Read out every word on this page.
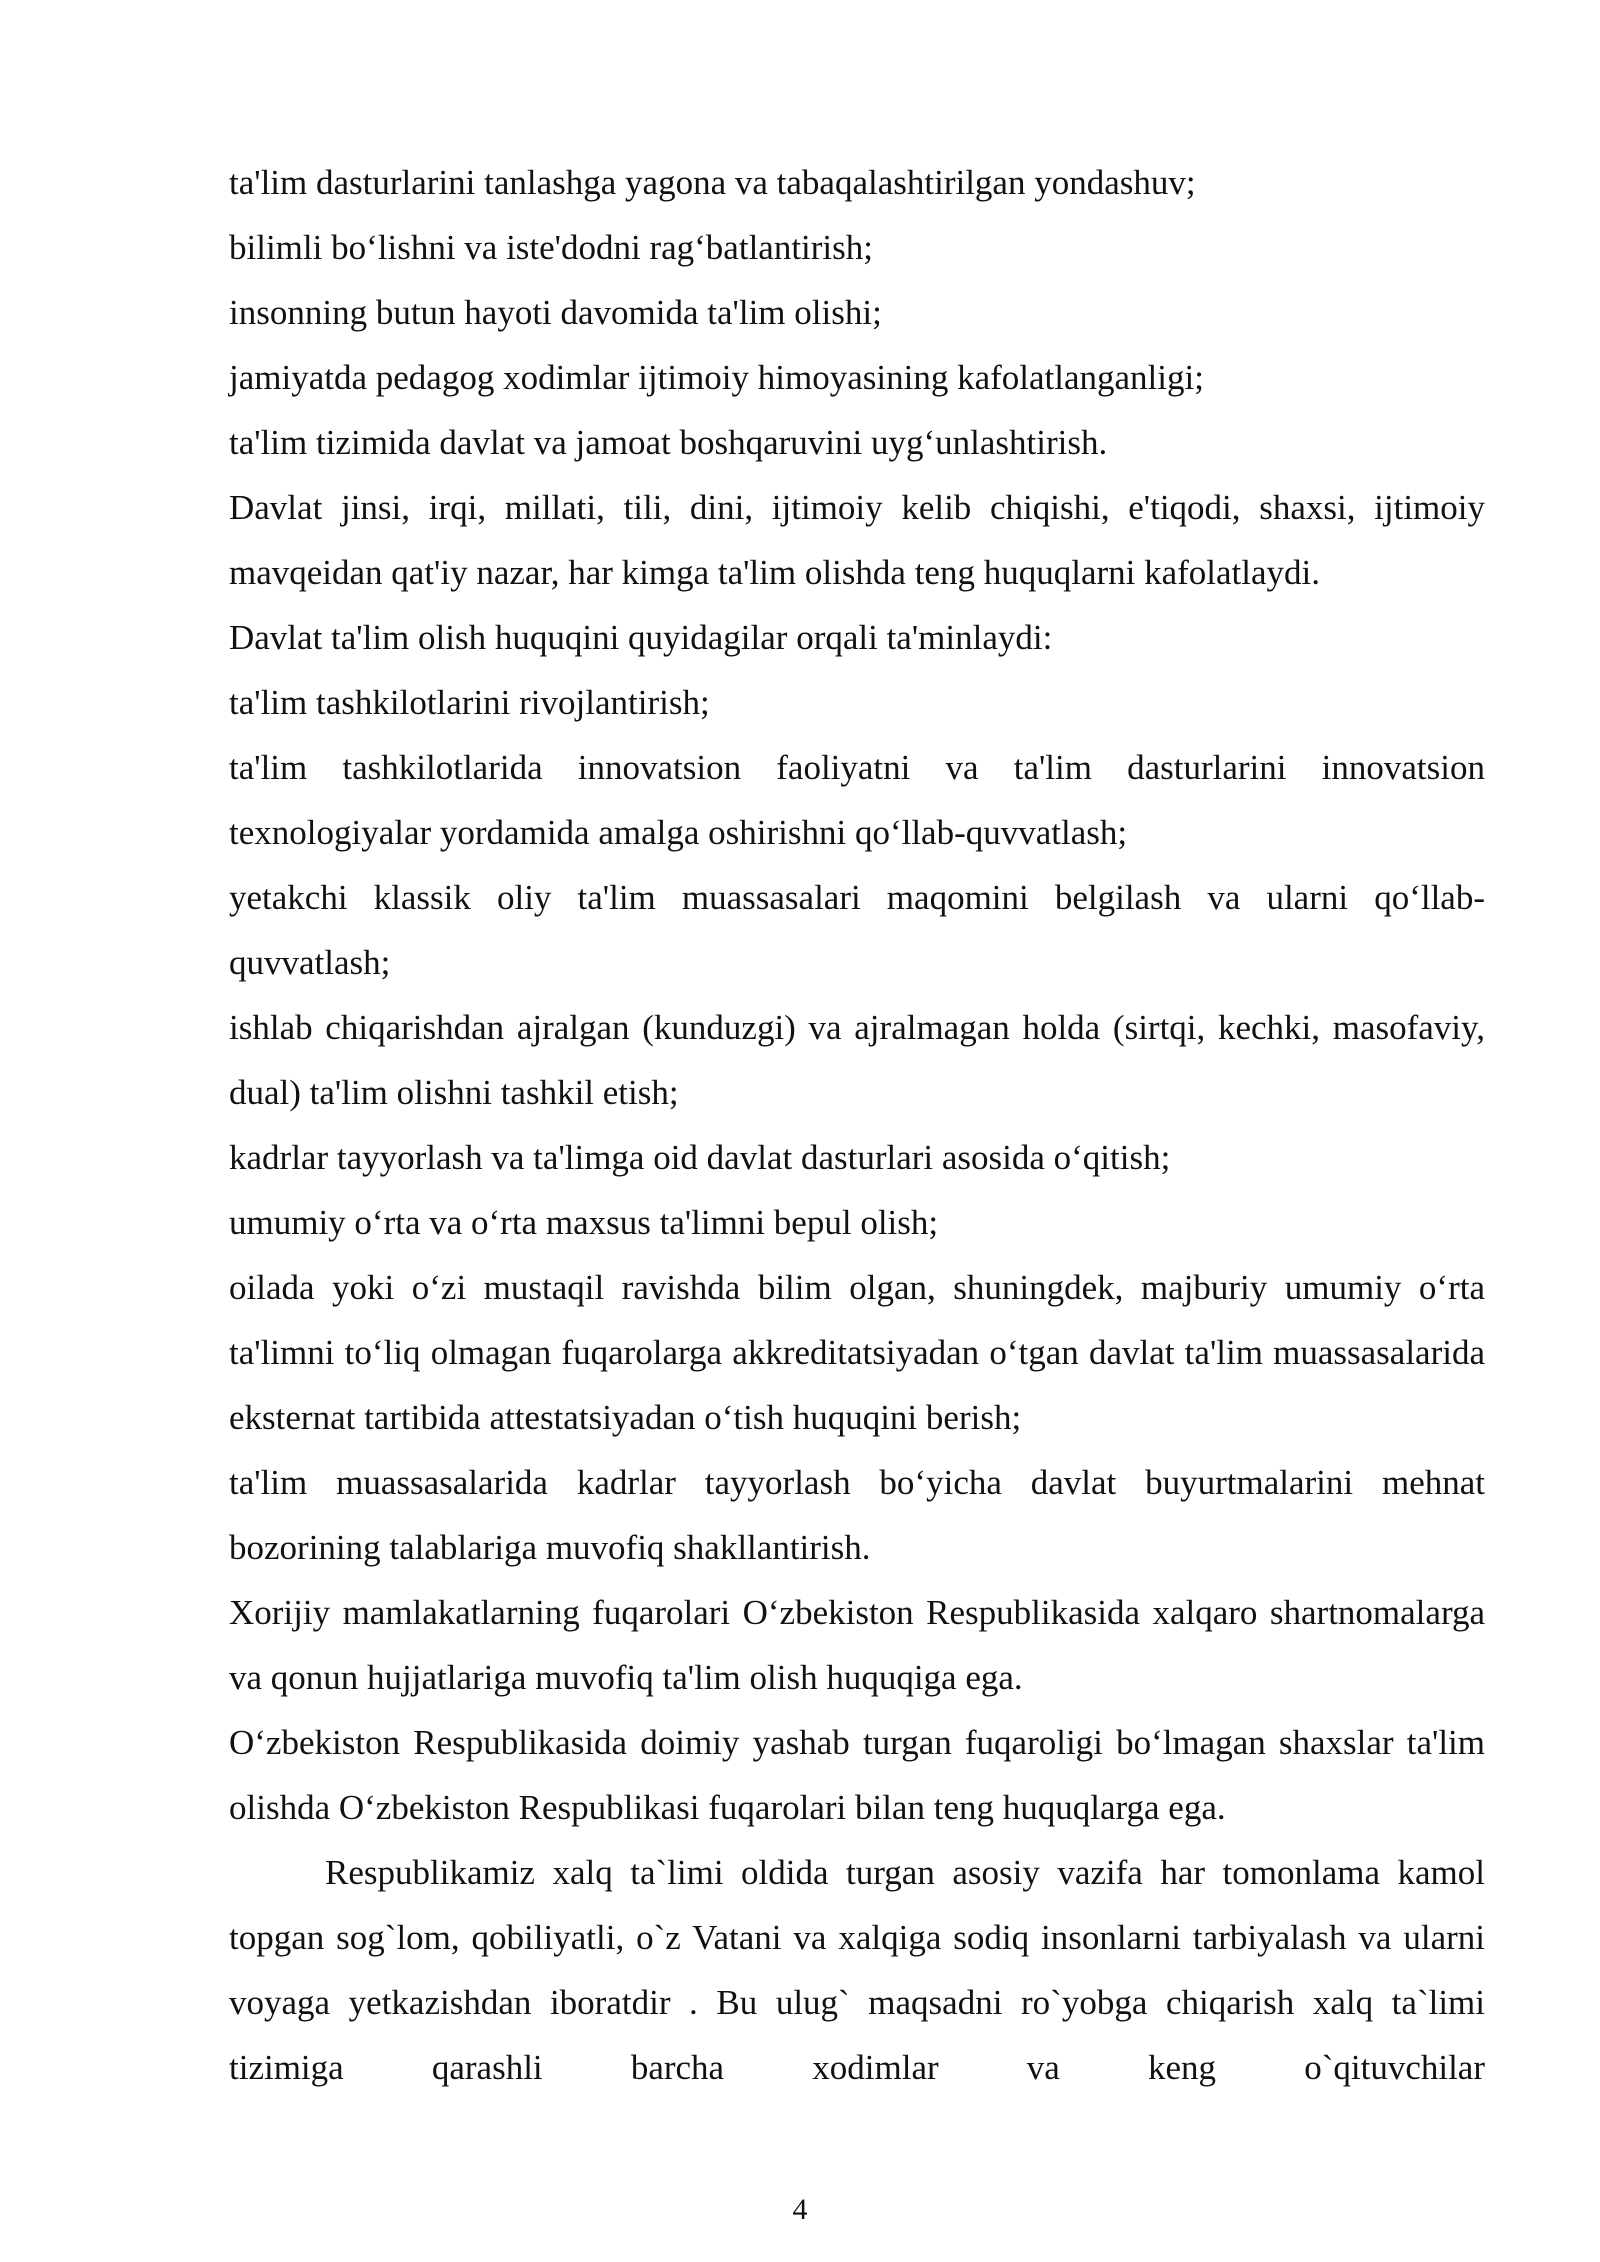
ta'lim dasturlarini tanlashga yagona va tabaqalashtirilgan yondashuv;

bilimli bo‘lishni va iste'dodni rag‘batlantirish;

insonning butun hayoti davomida ta'lim olishi;

jamiyatda pedagog xodimlar ijtimoiy himoyasining kafolatlanganligi;

ta'lim tizimida davlat va jamoat boshqaruvini uyg‘unlashtirish.

Davlat jinsi, irqi, millati, tili, dini, ijtimoiy kelib chiqishi, e'tiqodi, shaxsi, ijtimoiy mavqeidan qat'iy nazar, har kimga ta'lim olishda teng huquqlarni kafolatlaydi.

Davlat ta'lim olish huquqini quyidagilar orqali ta'minlaydi:

ta'lim tashkilotlarini rivojlantirish;

ta'lim tashkilotlarida innovatsion faoliyatni va ta'lim dasturlarini innovatsion texnologiyalar yordamida amalga oshirishni qo‘llab-quvvatlash;

yetakchi klassik oliy ta'lim muassasalari maqomini belgilash va ularni qo‘llab-quvvatlash;

ishlab chiqarishdan ajralgan (kunduzgi) va ajralmagan holda (sirtqi, kechki, masofaviy, dual) ta'lim olishni tashkil etish;

kadrlar tayyorlash va ta'limga oid davlat dasturlari asosida o‘qitish;

umumiy o‘rta va o‘rta maxsus ta'limni bepul olish;

oilada yoki o‘zi mustaqil ravishda bilim olgan, shuningdek, majburiy umumiy o‘rta ta'limni to‘liq olmagan fuqarolarga akkreditatsiyadan o‘tgan davlat ta'lim muassasalarida eksternat tartibida attestatsiyadan o‘tish huquqini berish;

ta'lim muassasalarida kadrlar tayyorlash bo‘yicha davlat buyurtmalarini mehnat bozorining talablariga muvofiq shakllantirish.

Xorijiy mamlakatlarning fuqarolari O‘zbekiston Respublikasida xalqaro shartnomalarga va qonun hujjatlariga muvofiq ta'lim olish huquqiga ega.

O‘zbekiston Respublikasida doimiy yashab turgan fuqaroligi bo‘lmagan shaxslar ta'lim olishda O‘zbekiston Respublikasi fuqarolari bilan teng huquqlarga ega.

Respublikamiz xalq ta`limi oldida turgan asosiy vazifa har tomonlama kamol topgan sog`lom, qobiliyatli, o`z Vatani va xalqiga sodiq insonlarni tarbiyalash va ularni voyaga yetkazishdan iboratdir . Bu ulug` maqsadni ro`yobga chiqarish xalq ta`limi tizimiga qarashli barcha xodimlar va keng o`qituvchilar

4
